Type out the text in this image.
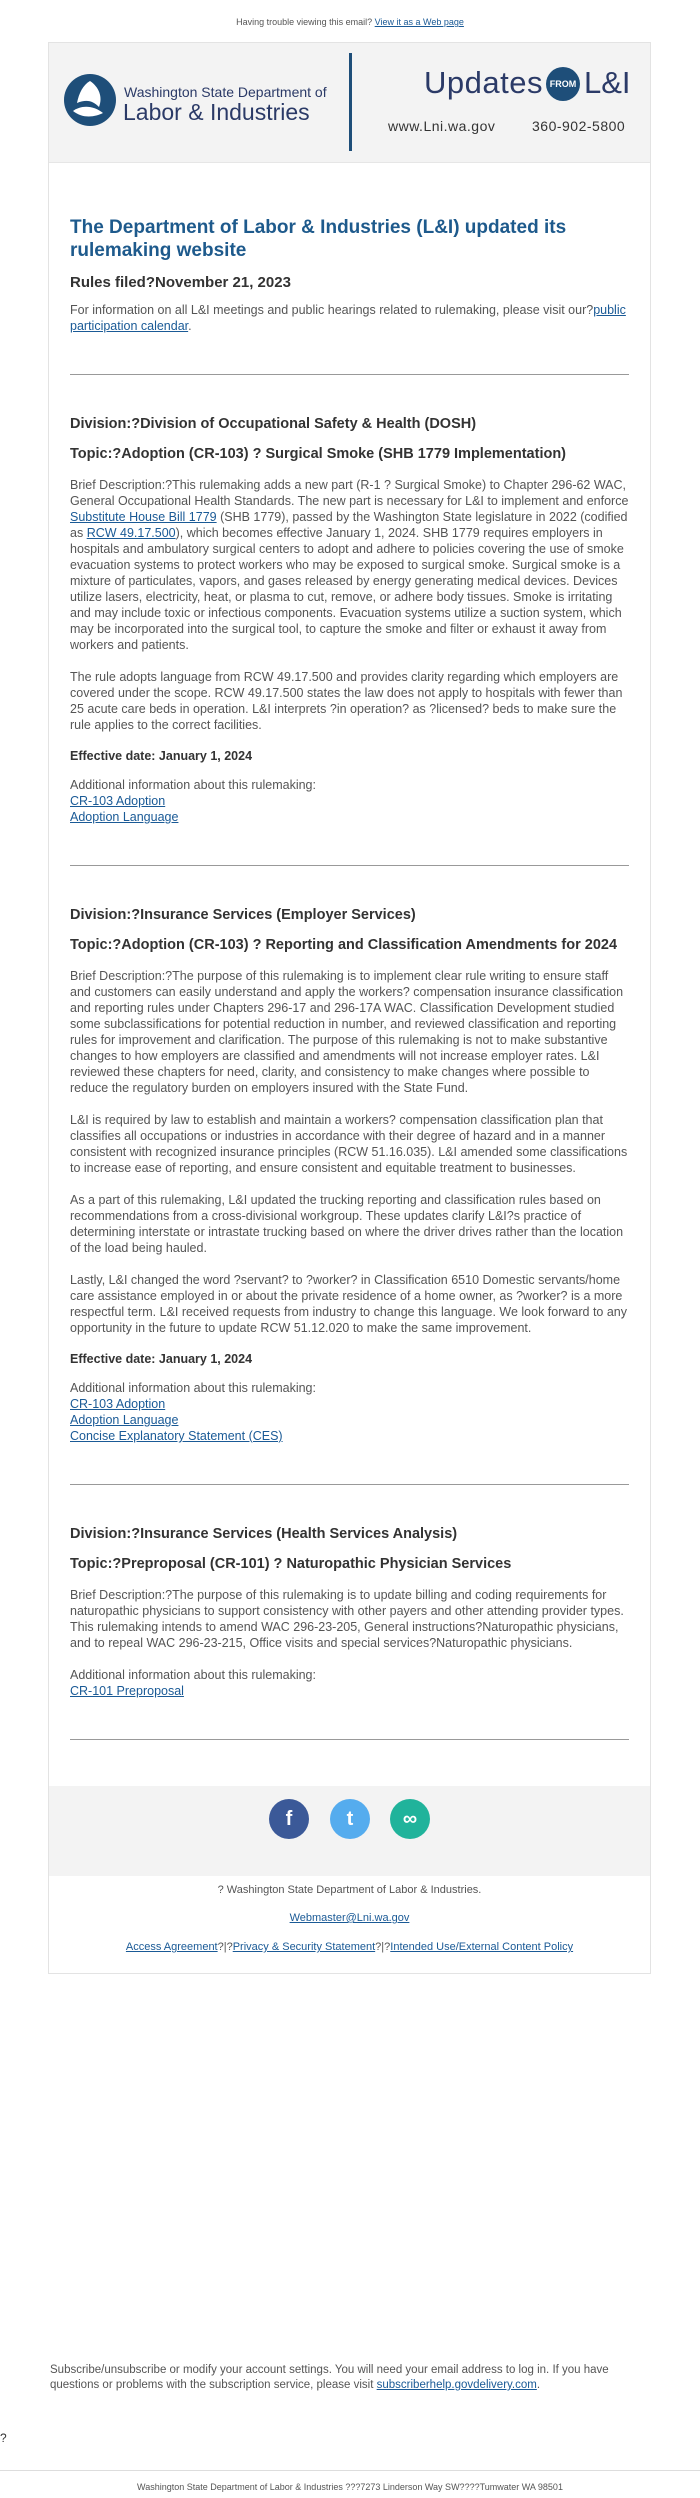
Having trouble viewing this email? View it as a Web page
Washington State Department of
Labor & Industries
Updates FROM L&I
www.Lni.wa.gov	360-902-5800
The Department of Labor & Industries (L&I) updated its rulemaking website
Rules filed?November 21, 2023

For information on all L&I meetings and public hearings related to rulemaking, please visit our?public participation calendar.

Division:?Division of Occupational Safety & Health (DOSH)
Topic:?Adoption (CR-103) ? Surgical Smoke (SHB 1779 Implementation)

Brief Description:?This rulemaking adds a new part (R-1 ? Surgical Smoke) to Chapter 296-62 WAC, General Occupational Health Standards. The new part is necessary for L&I to implement and enforce Substitute House Bill 1779 (SHB 1779), passed by the Washington State legislature in 2022 (codified as RCW 49.17.500), which becomes effective January 1, 2024. SHB 1779 requires employers in hospitals and ambulatory surgical centers to adopt and adhere to policies covering the use of smoke evacuation systems to protect workers who may be exposed to surgical smoke. Surgical smoke is a mixture of particulates, vapors, and gases released by energy generating medical devices. Devices utilize lasers, electricity, heat, or plasma to cut, remove, or adhere body tissues. Smoke is irritating and may include toxic or infectious components. Evacuation systems utilize a suction system, which may be incorporated into the surgical tool, to capture the smoke and filter or exhaust it away from workers and patients.

The rule adopts language from RCW 49.17.500 and provides clarity regarding which employers are covered under the scope. RCW 49.17.500 states the law does not apply to hospitals with fewer than 25 acute care beds in operation. L&I interprets ?in operation? as ?licensed? beds to make sure the rule applies to the correct facilities.

Effective date: January 1, 2024
Additional information about this rulemaking:
CR-103 Adoption
Adoption Language
Division:?Insurance Services (Employer Services)
Topic:?Adoption (CR-103) ? Reporting and Classification Amendments for 2024

Brief Description:?The purpose of this rulemaking is to implement clear rule writing to ensure staff and customers can easily understand and apply the workers? compensation insurance classification and reporting rules under Chapters 296-17 and 296-17A WAC. Classification Development studied some subclassifications for potential reduction in number, and reviewed classification and reporting rules for improvement and clarification. The purpose of this rulemaking is not to make substantive changes to how employers are classified and amendments will not increase employer rates. L&I reviewed these chapters for need, clarity, and consistency to make changes where possible to reduce the regulatory burden on employers insured with the State Fund.

L&I is required by law to establish and maintain a workers? compensation classification plan that classifies all occupations or industries in accordance with their degree of hazard and in a manner consistent with recognized insurance principles (RCW 51.16.035). L&I amended some classifications to increase ease of reporting, and ensure consistent and equitable treatment to businesses.

As a part of this rulemaking, L&I updated the trucking reporting and classification rules based on recommendations from a cross-divisional workgroup. These updates clarify L&I?s practice of determining interstate or intrastate trucking based on where the driver drives rather than the location of the load being hauled.

Lastly, L&I changed the word ?servant? to ?worker? in Classification 6510 Domestic servants/home care assistance employed in or about the private residence of a home owner, as ?worker? is a more respectful term. L&I received requests from industry to change this language. We look forward to any opportunity in the future to update RCW 51.12.020 to make the same improvement.

Effective date: January 1, 2024
Additional information about this rulemaking:
CR-103 Adoption
Adoption Language
Concise Explanatory Statement (CES)
Division:?Insurance Services (Health Services Analysis)
Topic:?Preproposal (CR-101) ? Naturopathic Physician Services

Brief Description:?The purpose of this rulemaking is to update billing and coding requirements for naturopathic physicians to support consistency with other payers and other attending provider types. This rulemaking intends to amend WAC 296-23-205, General instructions?Naturopathic physicians, and to repeal WAC 296-23-215, Office visits and special services?Naturopathic physicians.

Additional information about this rulemaking:
CR-101 Preproposal
f	t	∞
? Washington State Department of Labor & Industries.
Webmaster@Lni.wa.gov
Access Agreement?|?Privacy & Security Statement?|?Intended Use/External Content Policy
Subscribe/unsubscribe or modify your account settings. You will need your email address to log in. If you have questions or problems with the subscription service, please visit subscriberhelp.govdelivery.com.
?
Washington State Department of Labor & Industries ???7273 Linderson Way SW????Tumwater WA 98501
